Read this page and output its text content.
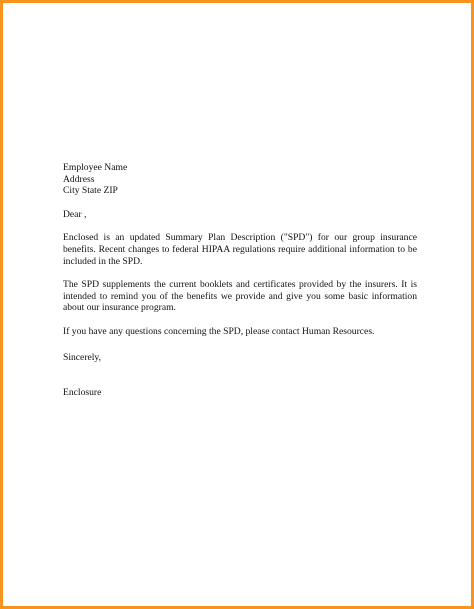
Employee Name
Address
City State ZIP
Dear ,

Enclosed is an updated Summary Plan Description ("SPD") for our group insurance benefits. Recent changes to federal HIPAA regulations require additional information to be included in the SPD.

The SPD supplements the current booklets and certificates provided by the insurers. It is intended to remind you of the benefits we provide and give you some basic information about our insurance program.

If you have any questions concerning the SPD, please contact Human Resources.

Sincerely,
Enclosure
